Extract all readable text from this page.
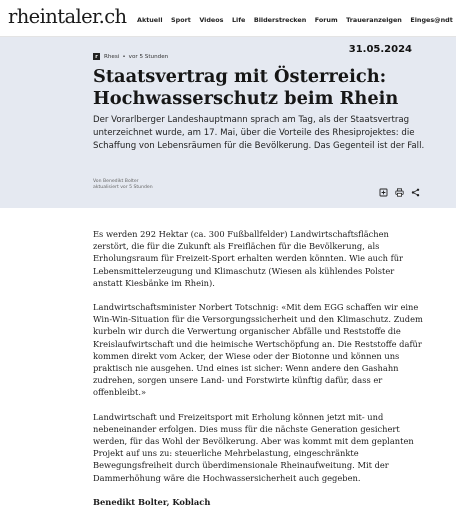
rheintaler.ch Aktuell Sport Videos Life Bilderstrecken Forum Traueranzeigen Einges@ndt
31.05.2024
r	Rhesi • vor 5 Stunden
Staatsvertrag mit Österreich: Hochwasserschutz beim Rhein

Der Vorarlberger Landeshauptmann sprach am Tag, als der Staatsvertrag unterzeichnet wurde, am 17. Mai, über die Vorteile des Rhesiprojektes: die Schaffung von Lebensräumen für die Bevölkerung. Das Gegenteil ist der Fall.

Von Benedikt Bolter
aktualisiert vor 5 Stunden

Es werden 292 Hektar (ca. 300 Fußballfelder) Landwirtschaftsflächen zerstört, die für die Zukunft als Freiflächen für die Bevölkerung, als Erholungsraum für Freizeit-Sport erhalten werden könnten. Wie auch für Lebensmittelerzeugung und Klimaschutz (Wiesen als kühlendes Polster anstatt Kiesbänke im Rhein).

Landwirtschaftsminister Norbert Totschnig: «Mit dem EGG schaffen wir eine Win-Win-Situation für die Versorgungssicherheit und den Klimaschutz. Zudem kurbeln wir durch die Verwertung organischer Abfälle und Reststoffe die Kreislaufwirtschaft und die heimische Wertschöpfung an. Die Reststoffe dafür kommen direkt vom Acker, der Wiese oder der Biotonne und können uns praktisch nie ausgehen. Und eines ist sicher: Wenn andere den Gashahn zudrehen, sorgen unsere Land- und Forstwirte künftig dafür, dass er offenbleibt.»

Landwirtschaft und Freizeitsport mit Erholung können jetzt mit- und nebeneinander erfolgen. Dies muss für die nächste Generation gesichert werden, für das Wohl der Bevölkerung. Aber was kommt mit dem geplanten Projekt auf uns zu: steuerliche Mehrbelastung, eingeschränkte Bewegungsfreiheit durch überdimensionale Rheinaufweitung. Mit der Dammerhöhung wäre die Hochwassersicherheit auch gegeben.

Benedikt Bolter, Koblach
